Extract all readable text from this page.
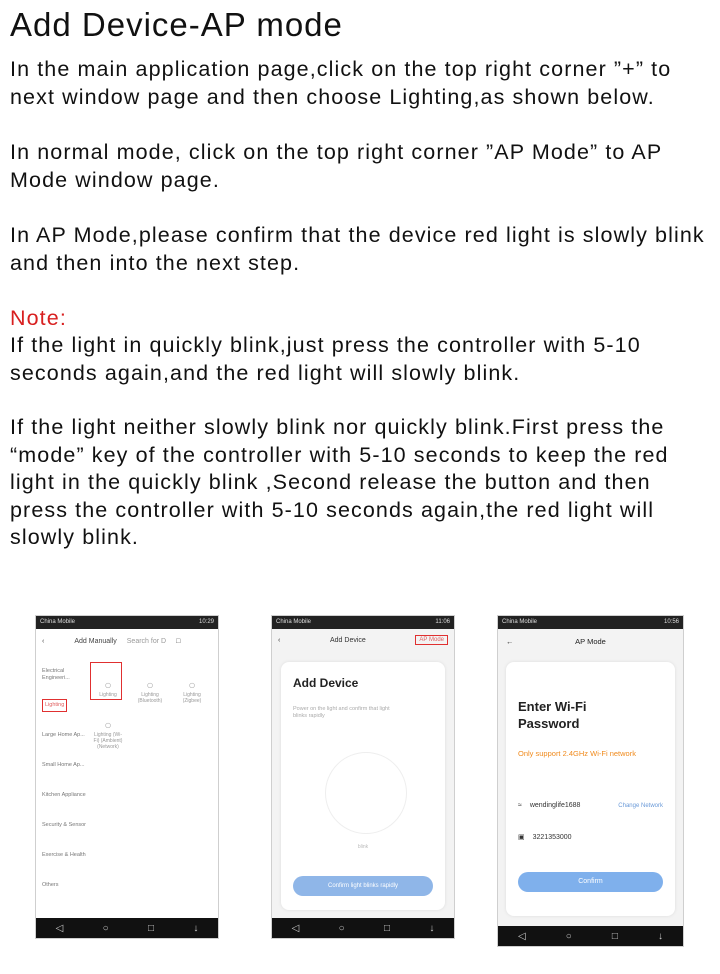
Add Device-AP mode

In the main application page,click on the top right corner ”+” to next window page and then choose Lighting,as shown below.

In normal mode, click on the top right corner ”AP Mode” to AP Mode window page.

In AP Mode,please confirm that the device red light is slowly blink and then into the next step.

Note:

If the light in quickly blink,just press the controller with 5-10 seconds again,and the red light will slowly blink.

If the light neither slowly blink nor quickly blink.First press the “mode” key of the controller with 5-10 seconds to keep the red light in the quickly blink ,Second release the button and then press the controller with 5-10 seconds again,the red light will slowly blink.

China Mobile	10:29
‹	Add Manually Search for D □
Electrical Engineeri...
Lighting
Large Home Ap...
Small Home Ap...
Kitchen Appliance
Security & Sensor
Exercise & Health
Others
○
Lighting
○
Lighting (Bluetooth)
○
Lighting (Zigbee)
○
Lighting (Wi-Fi) (Ambient) (Network)
◁	○	□	↓
China Mobile	11:06
‹	Add Device	AP Mode
Add Device
Power on the light and confirm that light blinks rapidly
blink
Confirm light blinks rapidly
◁	○	□	↓
China Mobile	10:56
←	AP Mode
Enter Wi-Fi Password
Only support 2.4GHz Wi-Fi network
≈ wendinglife1688	Change Network
▣ 3221353000
Confirm
◁	○	□	↓
